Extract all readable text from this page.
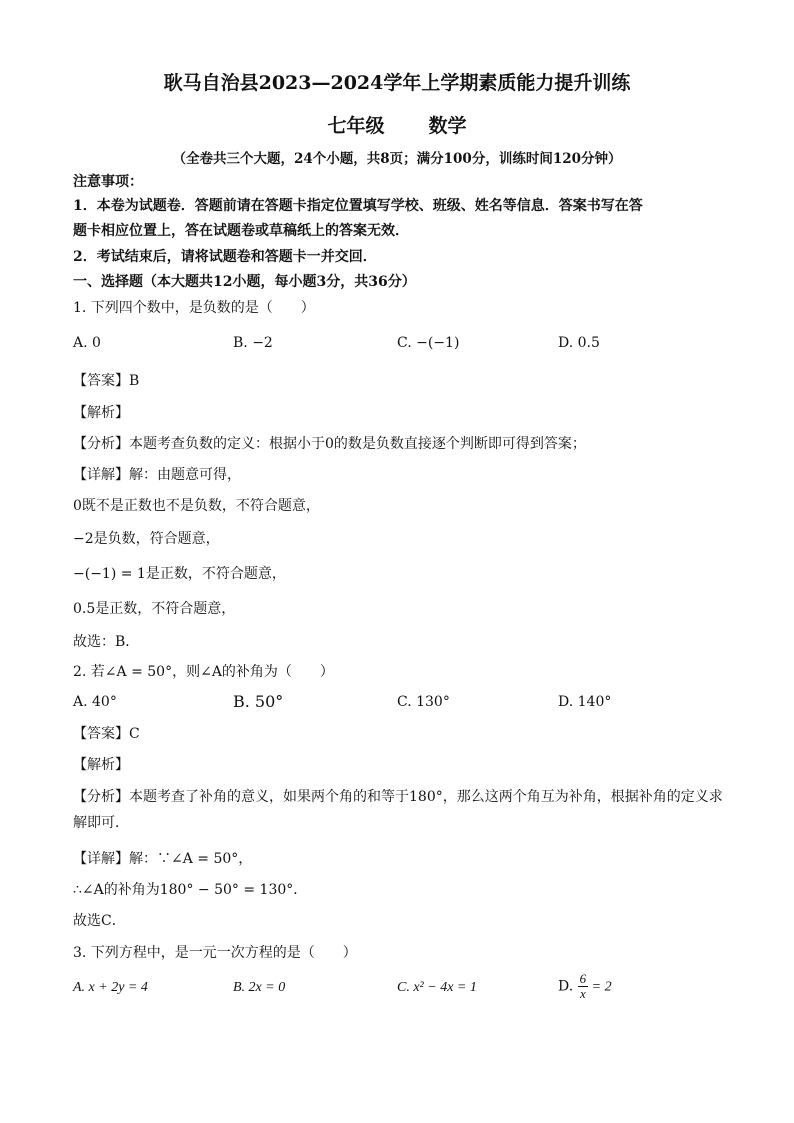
耿马自治县2023—2024学年上学期素质能力提升训练
七年级 数学
（全卷共三个大题，24个小题，共8页；满分100分，训练时间120分钟）
注意事项：
1．本卷为试题卷．答题前请在答题卡指定位置填写学校、班级、姓名等信息．答案书写在答
题卡相应位置上，答在试题卷或草稿纸上的答案无效．
2．考试结束后，请将试题卷和答题卡一并交回．
一、选择题（本大题共12小题，每小题3分，共36分）
1. 下列四个数中，是负数的是（　　）
A. 0	B. −2	C. −(−1)	D. 0.5
【答案】B
【解析】
【分析】本题考查负数的定义：根据小于0的数是负数直接逐个判断即可得到答案；
【详解】解：由题意可得，
0既不是正数也不是负数，不符合题意，
−2是负数，符合题意，
−(−1) = 1是正数，不符合题意，
0.5是正数，不符合题意，
故选：B．
2. 若∠A = 50°，则∠A的补角为（　　）
A. 40°	B. 50°	C. 130°	D. 140°
【答案】C
【解析】
【分析】本题考查了补角的意义，如果两个角的和等于180°，那么这两个角互为补角，根据补角的定义求解即可．
【详解】解：∵∠A = 50°，
∴∠A的补角为180° − 50° = 130°．
故选C．
3. 下列方程中，是一元一次方程的是（　　）
A. x + 2y = 4	B. 2x = 0	C. x² − 4x = 1	D. $\frac{6}{x} = 2$
